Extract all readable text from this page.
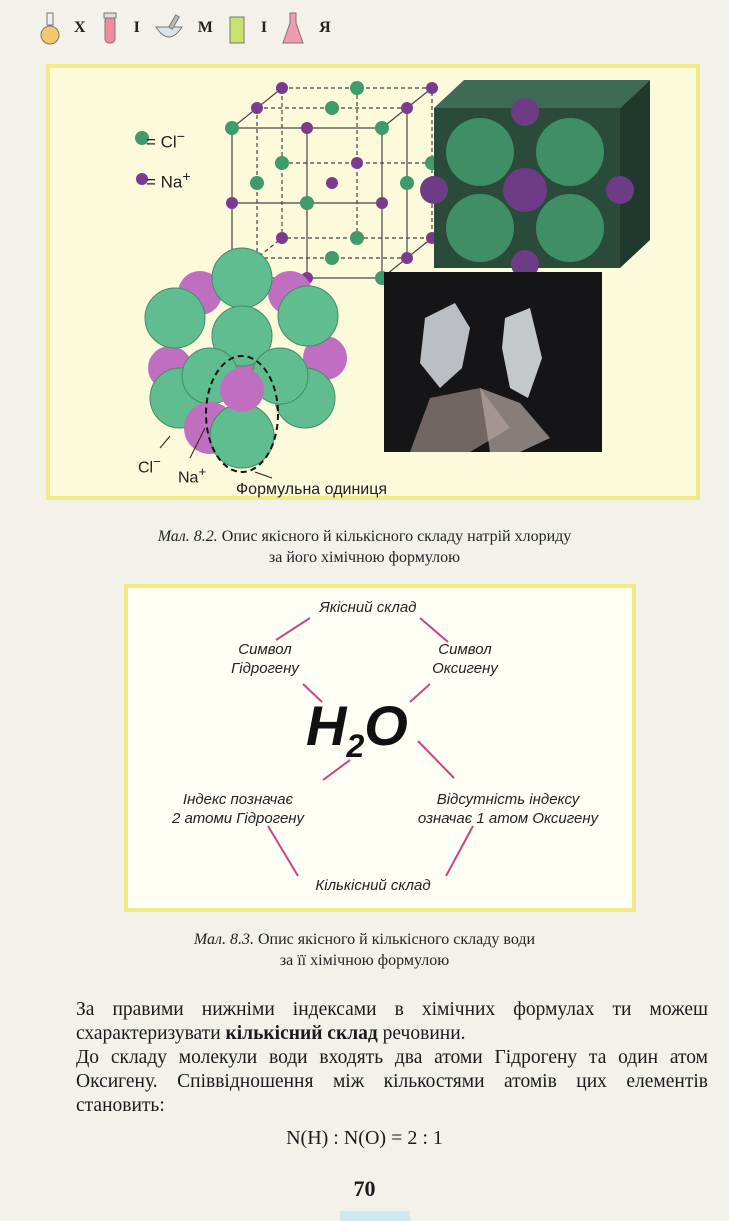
Х	І	М	І	Я
= Cl−
= Na+
Cl−
Na+
Формульна одиниця
Мал. 8.2. Опис якісного й кількісного складу натрій хлориду
за його хімічною формулою
Якісний склад
Символ
Гідрогену
Символ
Оксигену
$H_2O$
Індекс позначає
2 атоми Гідрогену
Відсутність індексу
означає 1 атом Оксигену
Кількісний склад
Мал. 8.3. Опис якісного й кількісного складу води
за її хімічною формулою
За правими нижніми індексами в хімічних формулах ти можеш схарактеризувати кількісний склад речовини.
До складу молекули води входять два атоми Гідрогену та один атом Оксигену. Співвідношення між кількостями атомів цих елементів становить:
N(H) : N(O) = 2 : 1
70
